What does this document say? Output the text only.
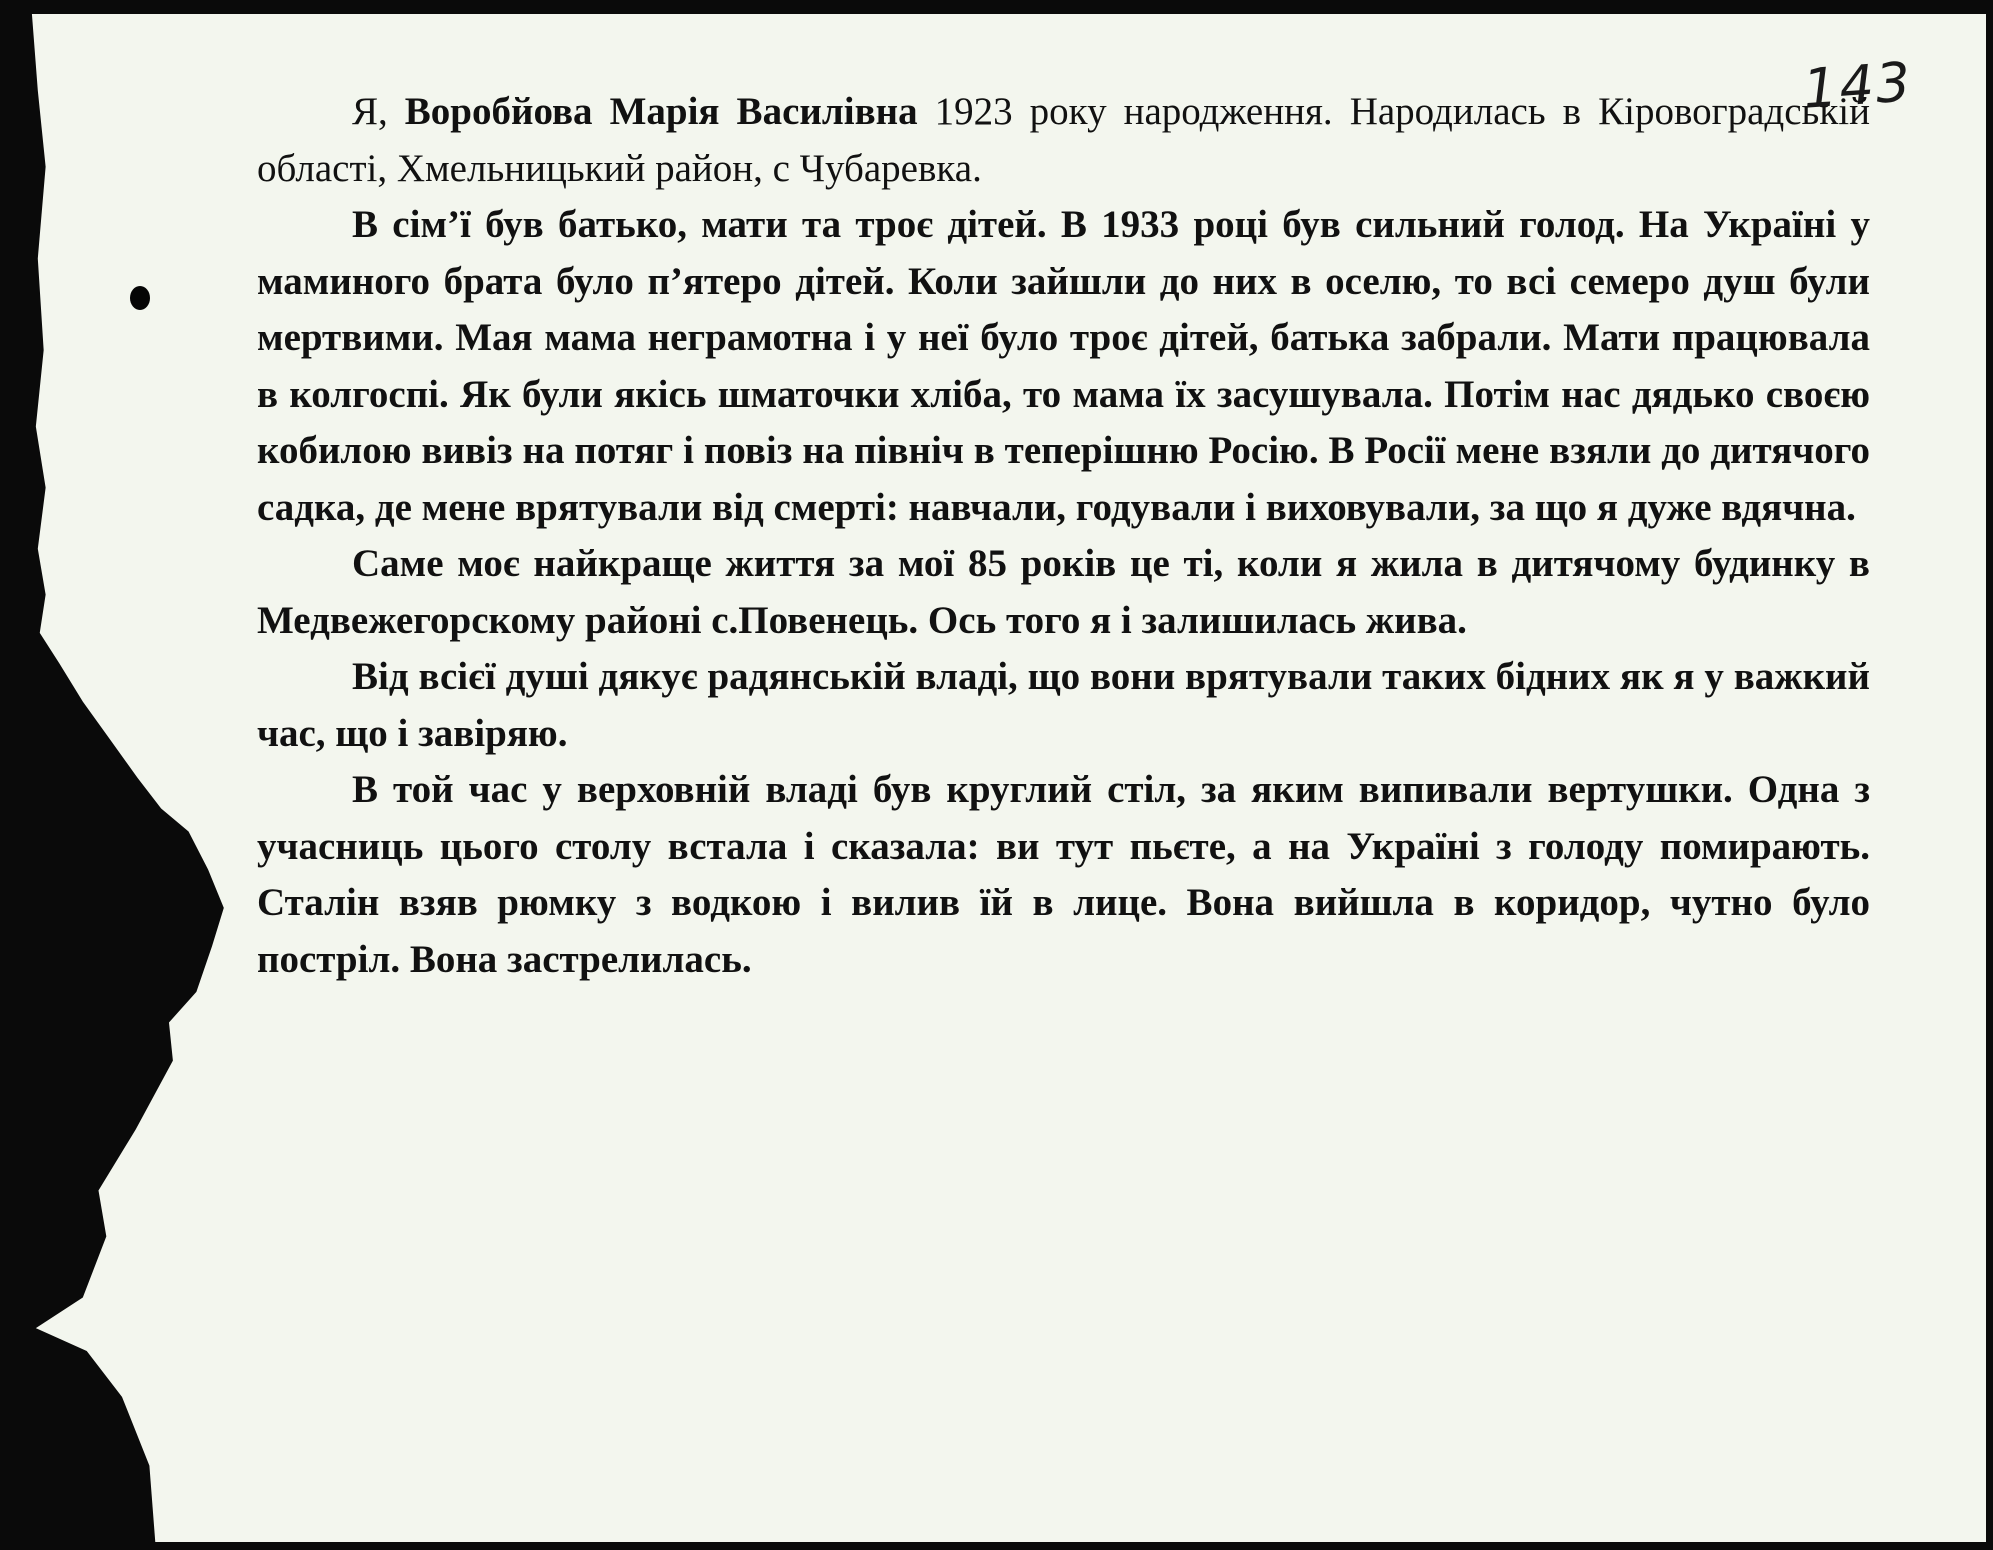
143

Я, Воробйова Марія Василівна 1923 року народження. Народилась в Кіровоградській області, Хмельницький район, с Чубаревка.

В сім’ї був батько, мати та троє дітей. В 1933 році був сильний голод. На Україні у маминого брата було п’ятеро дітей. Коли зайшли до них в оселю, то всі семеро душ були мертвими. Мая мама неграмотна і у неї було троє дітей, батька забрали. Мати працювала в колгоспі. Як були якісь шматочки хліба, то мама їх засушувала. Потім нас дядько своєю кобилою вивіз на потяг і повіз на північ в теперішню Росію. В Росії мене взяли до дитячого садка, де мене врятували від смерті: навчали, годували і виховували, за що я дуже вдячна.

Саме моє найкраще життя за мої 85 років це ті, коли я жила в дитячому будинку в Медвежегорскому районі с.Повенець. Ось того я і залишилась жива.

Від всієї душі дякує радянській владі, що вони врятували таких бідних як я у важкий час, що і завіряю.

В той час у верховній владі був круглий стіл, за яким випивали вертушки. Одна з учасниць цього столу встала і сказала: ви тут пьєте, а на Україні з голоду помирають. Сталін взяв рюмку з водкою і вилив їй в лице. Вона вийшла в коридор, чутно було постріл. Вона застрелилась.
